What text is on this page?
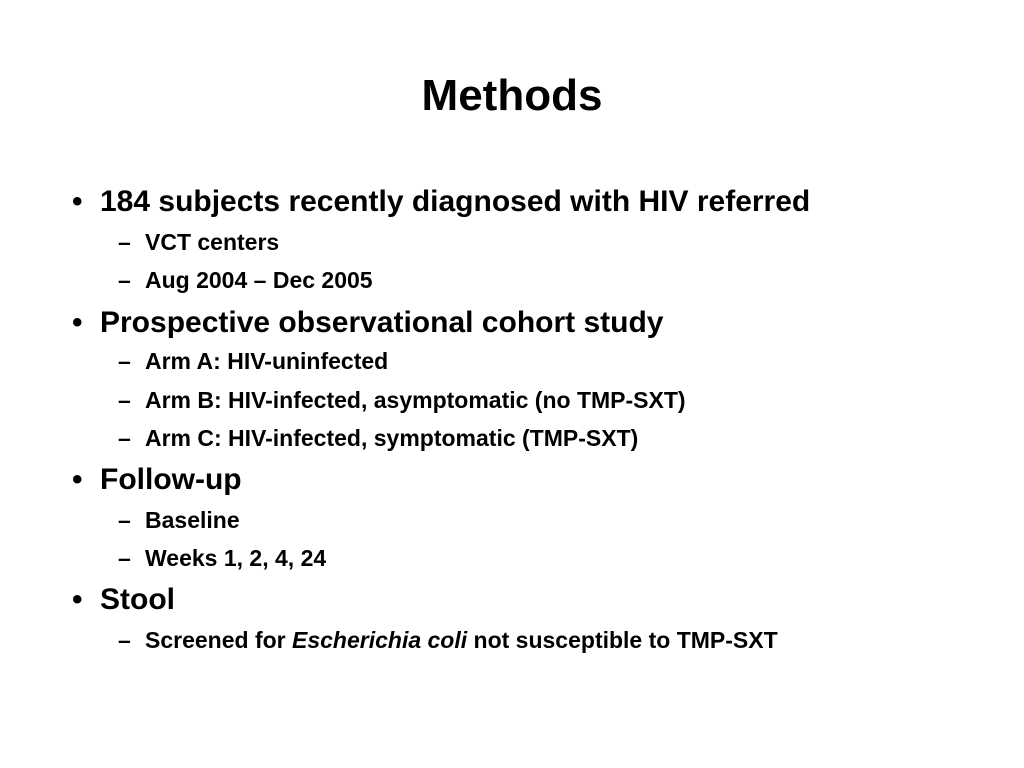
Methods
• 184 subjects recently diagnosed with HIV referred
– VCT centers
– Aug 2004 – Dec 2005
• Prospective observational cohort study
– Arm A: HIV-uninfected
– Arm B: HIV-infected, asymptomatic (no TMP-SXT)
– Arm C: HIV-infected, symptomatic (TMP-SXT)
• Follow-up
– Baseline
– Weeks 1, 2, 4, 24
• Stool
– Screened for Escherichia coli not susceptible to TMP-SXT
